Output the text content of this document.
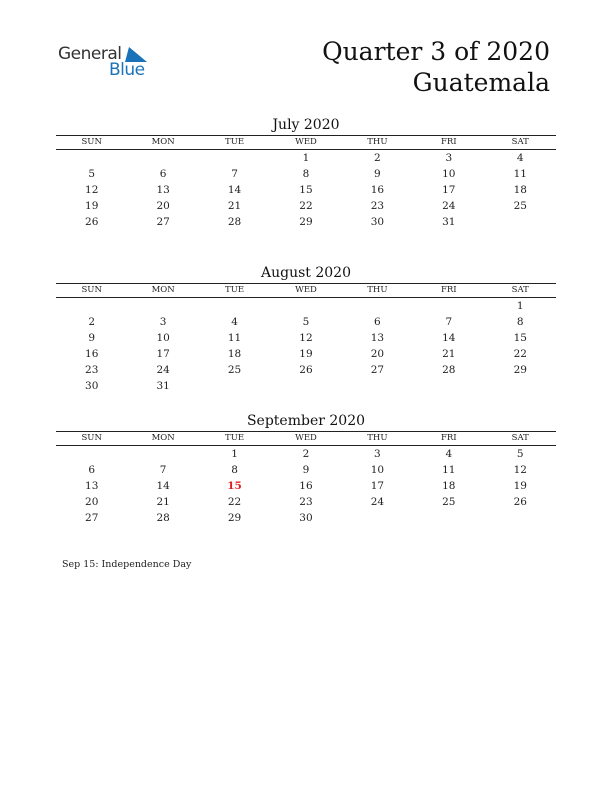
General
Blue
Quarter 3 of 2020
Guatemala
July 2020
SUN	MON	TUE	WED	THU	FRI	SAT
			1	2	3	4
5	6	7	8	9	10	11
12	13	14	15	16	17	18
19	20	21	22	23	24	25
26	27	28	29	30	31	
August 2020
SUN	MON	TUE	WED	THU	FRI	SAT
						1
2	3	4	5	6	7	8
9	10	11	12	13	14	15
16	17	18	19	20	21	22
23	24	25	26	27	28	29
30	31					
September 2020
SUN	MON	TUE	WED	THU	FRI	SAT
		1	2	3	4	5
6	7	8	9	10	11	12
13	14	15	16	17	18	19
20	21	22	23	24	25	26
27	28	29	30			
Sep 15: Independence Day
